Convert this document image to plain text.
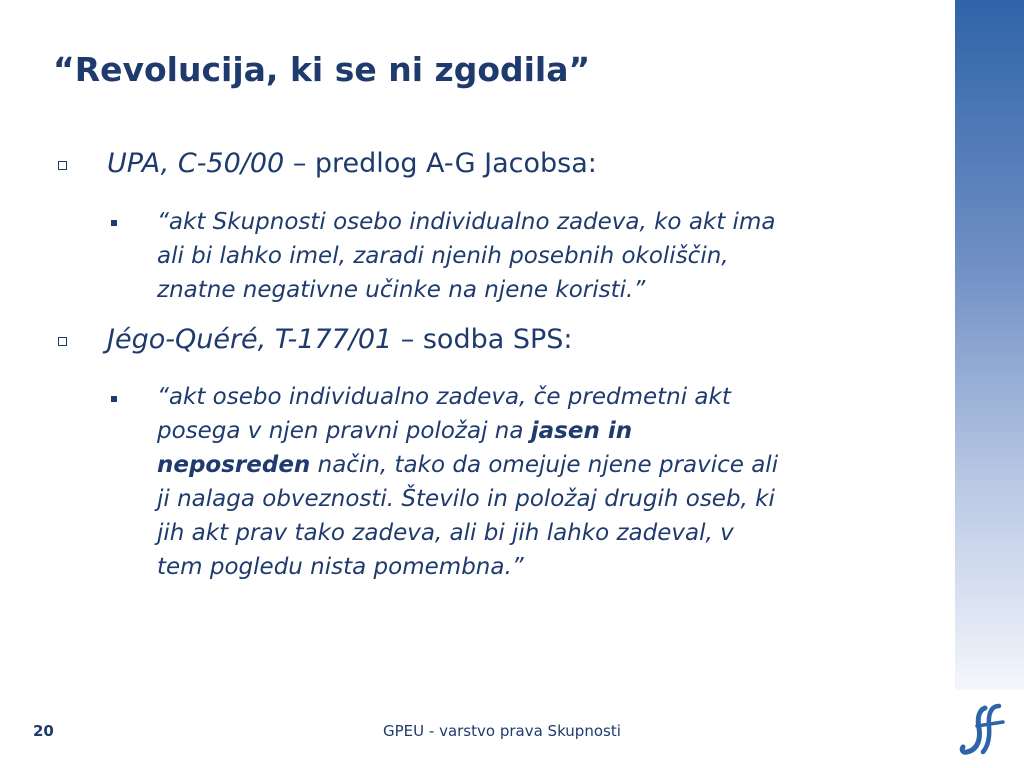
“Revolucija, ki se ni zgodila”
UPA, C-50/00 – predlog A-G Jacobsa:
“akt Skupnosti osebo individualno zadeva, ko akt ima
ali bi lahko imel, zaradi njenih posebnih okoliščin,
znatne negativne učinke na njene koristi.”
Jégo-Quéré, T-177/01 – sodba SPS:
“akt osebo individualno zadeva, če predmetni akt
posega v njen pravni položaj na jasen in
neposreden način, tako da omejuje njene pravice ali
ji nalaga obveznosti. Število in položaj drugih oseb, ki
jih akt prav tako zadeva, ali bi jih lahko zadeval, v
tem pogledu nista pomembna.”
20	GPEU - varstvo prava Skupnosti
